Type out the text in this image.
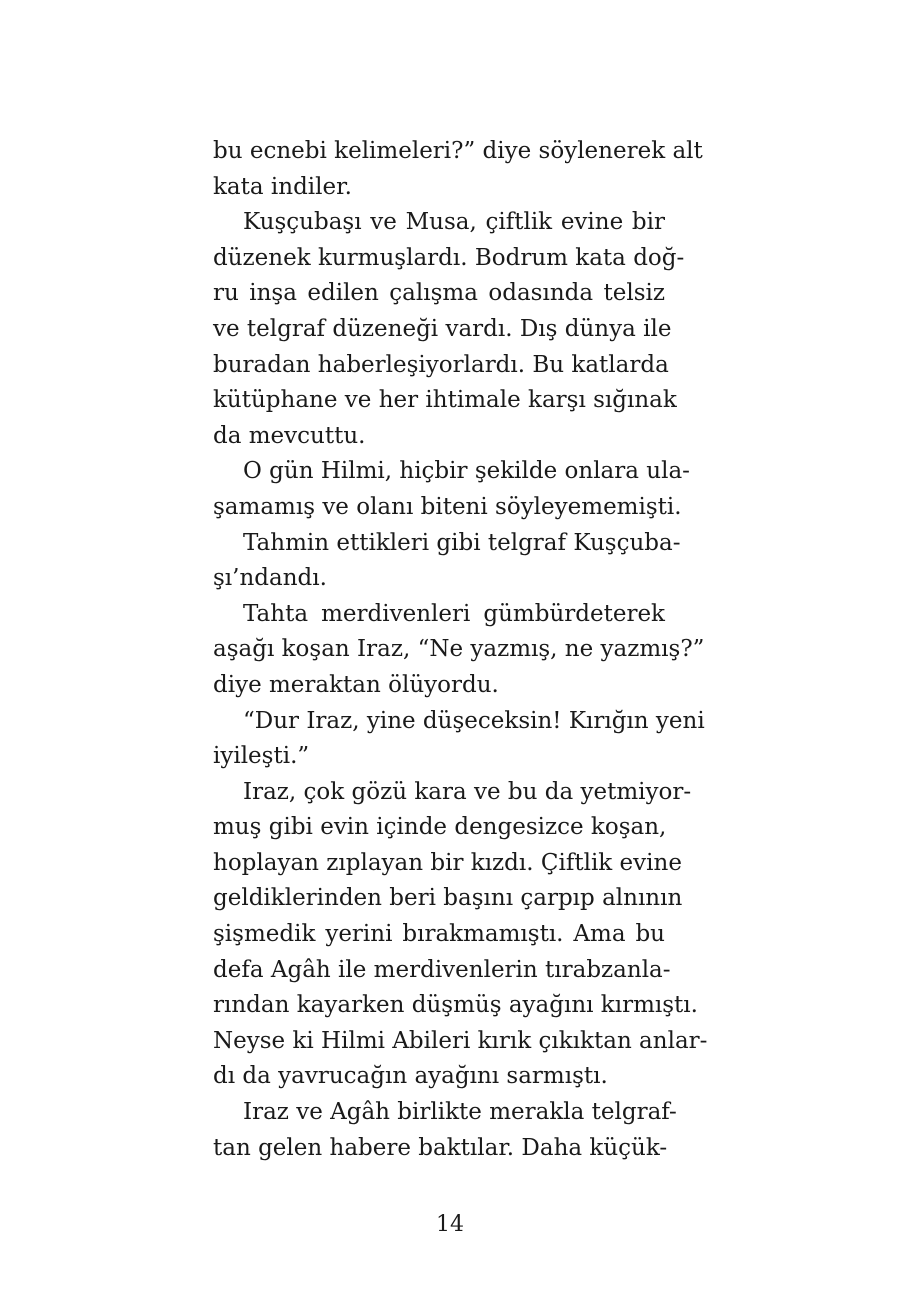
bu ecnebi kelimeleri?” diye söylenerek alt
kata indiler.
Kuşçubaşı ve Musa, çiftlik evine bir
düzenek kurmuşlardı. Bodrum kata doğ-
ru inşa edilen çalışma odasında telsiz
ve telgraf düzeneği vardı. Dış dünya ile
buradan haberleşiyorlardı. Bu katlarda
kütüphane ve her ihtimale karşı sığınak
da mevcuttu.
O gün Hilmi, hiçbir şekilde onlara ula-
şamamış ve olanı biteni söyleyememişti.
Tahmin ettikleri gibi telgraf Kuşçuba-
şı’ndandı.
Tahta merdivenleri gümbürdeterek
aşağı koşan Iraz, “Ne yazmış, ne yazmış?”
diye meraktan ölüyordu.
“Dur Iraz, yine düşeceksin! Kırığın yeni
iyileşti.”
Iraz, çok gözü kara ve bu da yetmiyor-
muş gibi evin içinde dengesizce koşan,
hoplayan zıplayan bir kızdı. Çiftlik evine
geldiklerinden beri başını çarpıp alnının
şişmedik yerini bırakmamıştı. Ama bu
defa Agâh ile merdivenlerin tırabzanla-
rından kayarken düşmüş ayağını kırmıştı.
Neyse ki Hilmi Abileri kırık çıkıktan anlar-
dı da yavrucağın ayağını sarmıştı.
Iraz ve Agâh birlikte merakla telgraf-
tan gelen habere baktılar. Daha küçük-
14
